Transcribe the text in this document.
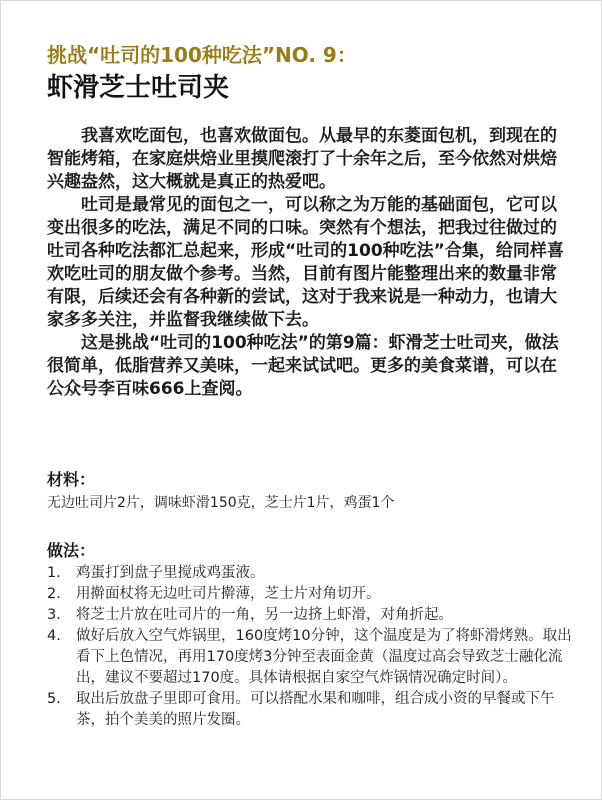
挑战“吐司的100种吃法”NO. 9：
虾滑芝士吐司夹

我喜欢吃面包，也喜欢做面包。从最早的东菱面包机，到现在的智能烤箱，在家庭烘焙业里摸爬滚打了十余年之后，至今依然对烘焙兴趣盎然，这大概就是真正的热爱吧。

吐司是最常见的面包之一，可以称之为万能的基础面包，它可以变出很多的吃法，满足不同的口味。突然有个想法，把我过往做过的吐司各种吃法都汇总起来，形成“吐司的100种吃法”合集，给同样喜欢吃吐司的朋友做个参考。当然，目前有图片能整理出来的数量非常有限，后续还会有各种新的尝试，这对于我来说是一种动力，也请大家多多关注，并监督我继续做下去。

这是挑战“吐司的100种吃法”的第9篇：虾滑芝士吐司夹，做法很简单，低脂营养又美味，一起来试试吧。更多的美食菜谱，可以在公众号李百味666上查阅。

材料：
无边吐司片2片，调味虾滑150克，芝士片1片，鸡蛋1个
做法：
1. 鸡蛋打到盘子里搅成鸡蛋液。
2. 用擀面杖将无边吐司片擀薄，芝士片对角切开。
3. 将芝士片放在吐司片的一角，另一边挤上虾滑，对角折起。
4. 做好后放入空气炸锅里，160度烤10分钟，这个温度是为了将虾滑烤熟。取出看下上色情况，再用170度烤3分钟至表面金黄（温度过高会导致芝士融化流出，建议不要超过170度。具体请根据自家空气炸锅情况确定时间）。
5. 取出后放盘子里即可食用。可以搭配水果和咖啡，组合成小资的早餐或下午茶，拍个美美的照片发圈。
